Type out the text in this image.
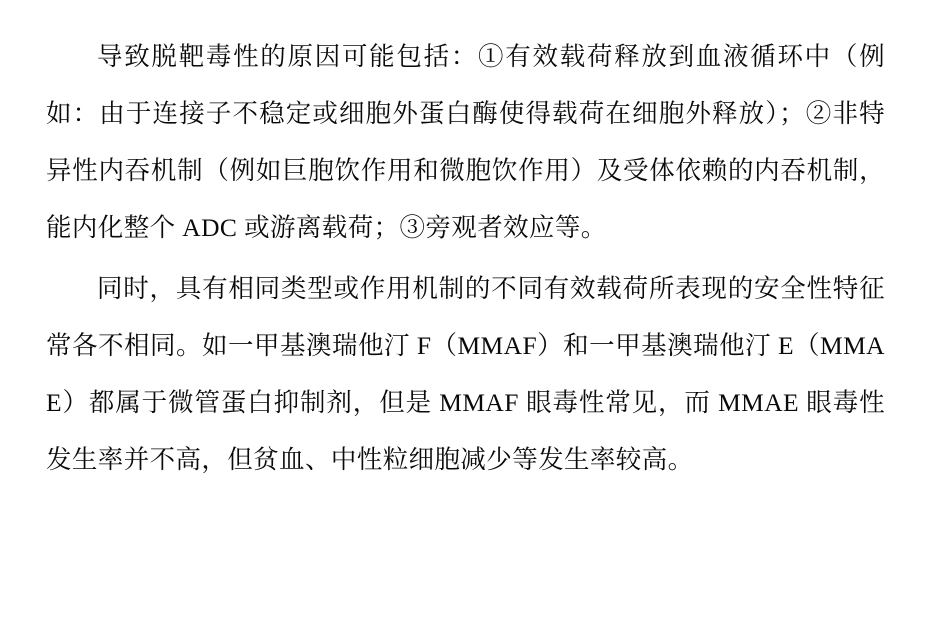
导致脱靶毒性的原因可能包括：①有效载荷释放到血液循环中（例如：由于连接子不稳定或细胞外蛋白酶使得载荷在细胞外释放）；②非特异性内吞机制（例如巨胞饮作用和微胞饮作用）及受体依赖的内吞机制，能内化整个 ADC 或游离载荷；③旁观者效应等。

同时，具有相同类型或作用机制的不同有效载荷所表现的安全性特征常各不相同。如一甲基澳瑞他汀 F（MMAF）和一甲基澳瑞他汀 E（MMAE）都属于微管蛋白抑制剂，但是 MMAF 眼毒性常见，而 MMAE 眼毒性发生率并不高，但贫血、中性粒细胞减少等发生率较高。
